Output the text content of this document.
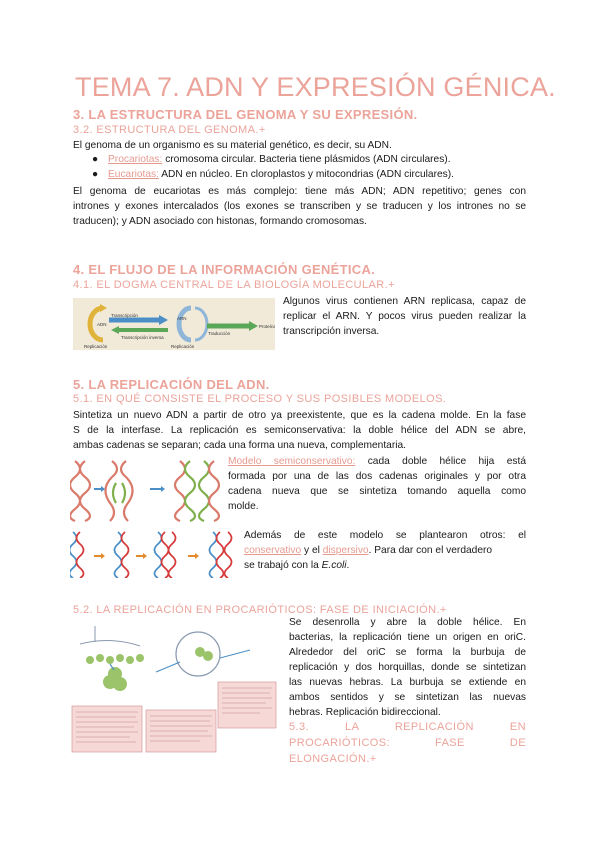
TEMA 7. ADN Y EXPRESIÓN GÉNICA.
3. LA ESTRUCTURA DEL GENOMA Y SU EXPRESIÓN.
3.2. ESTRUCTURA DEL GENOMA.+
El genoma de un organismo es su material genético, es decir, su ADN.
● Procariotas: cromosoma circular. Bacteria tiene plásmidos (ADN circulares).
● Eucariotas: ADN en núcleo. En cloroplastos y mitocondrias (ADN circulares).
El genoma de eucariotas es más complejo: tiene más ADN; ADN repetitivo; genes con
intrones y exones intercalados (los exones se transcriben y se traducen y los intrones no se
traducen); y ADN asociado con histonas, formando cromosomas.
4. EL FLUJO DE LA INFORMACIÓN GENÉTICA.
4.1. EL DOGMA CENTRAL DE LA BIOLOGÍA MOLECULAR.+
Transcripción
Transcripción inversa
ADN
Traducción
Replicación	Replicación
Proteína
ARN
Algunos virus contienen ARN replicasa, capaz de
replicar el ARN. Y pocos virus pueden realizar la
transcripción inversa.
5. LA REPLICACIÓN DEL ADN.
5.1. EN QUÉ CONSISTE EL PROCESO Y SUS POSIBLES MODELOS.
Sintetiza un nuevo ADN a partir de otro ya preexistente, que es la cadena molde. En la fase
S de la interfase. La replicación es semiconservativa: la doble hélice del ADN se abre,
ambas cadenas se separan; cada una forma una nueva, complementaria.
Modelo semiconservativo: cada doble hélice hija está
formada por una de las dos cadenas originales y por otra
cadena nueva que se sintetiza tomando aquella como
molde.
Además de este modelo se plantearon otros: el
conservativo y el dispersivo. Para dar con el verdadero
se trabajó con la E.coli.
5.2. LA REPLICACIÓN EN PROCARIÓTICOS: FASE DE INICIACIÓN.+
Se desenrolla y abre la doble hélice. En
bacterias, la replicación tiene un origen en oriC.
Alrededor del oriC se forma la burbuja de
replicación y dos horquillas, donde se sintetizan
las nuevas hebras. La burbuja se extiende en
ambos sentidos y se sintetizan las nuevas
hebras. Replicación bidireccional.
5.3. LA REPLICACIÓN EN
PROCARIÓTICOS: FASE DE
ELONGACIÓN.+
